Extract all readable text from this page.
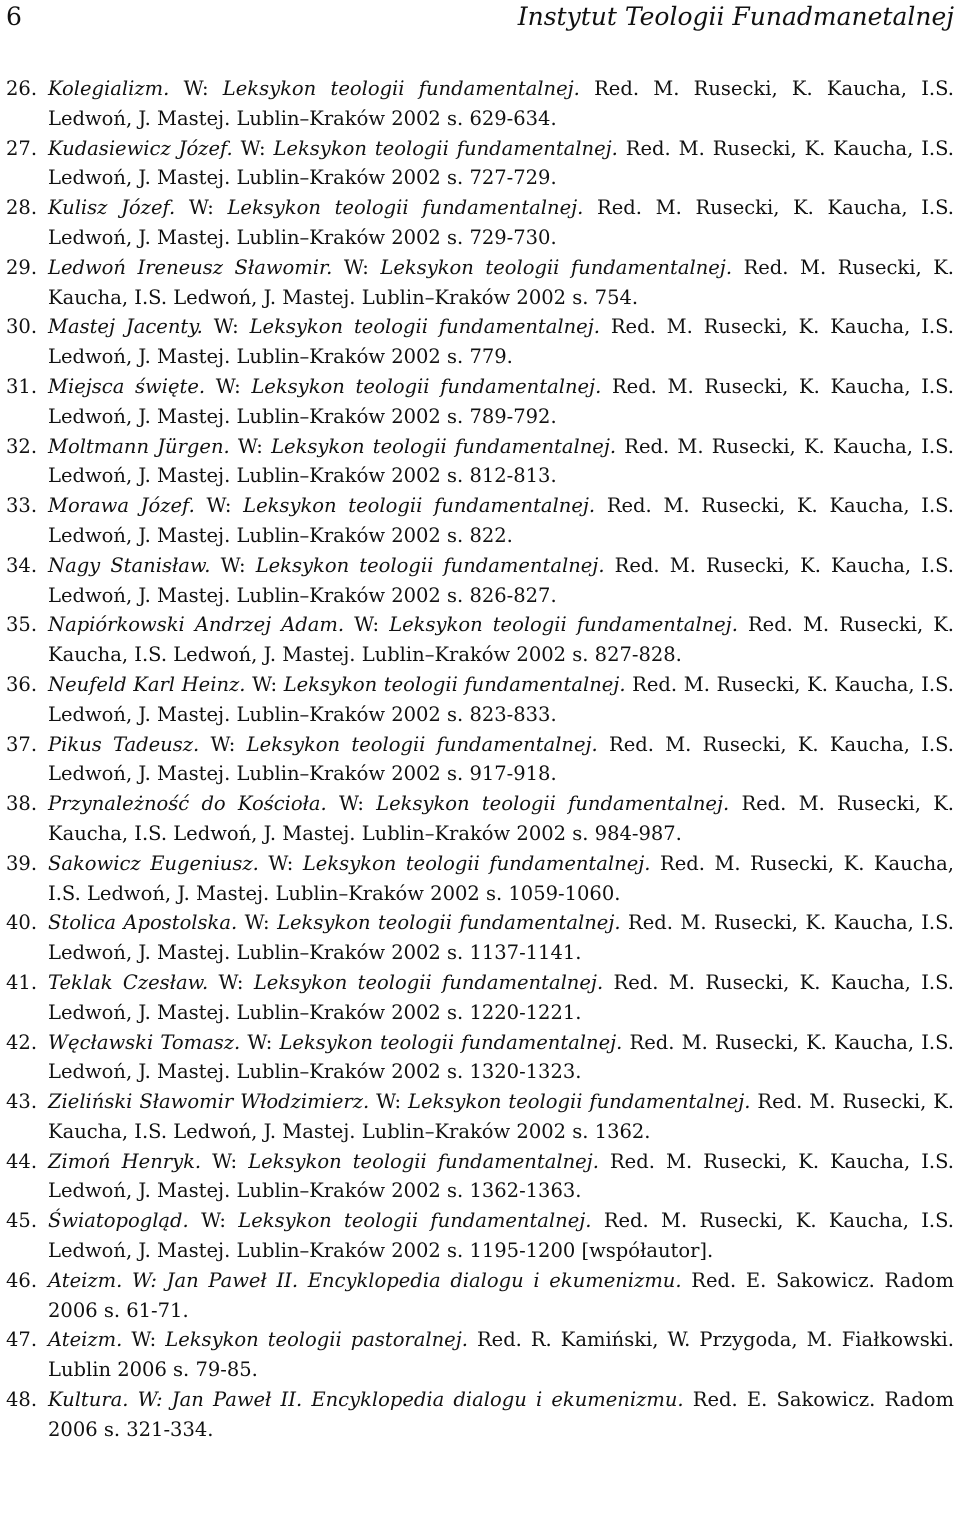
6	Instytut Teologii Funadmanetalnej
26. Kolegializm. W: Leksykon teologii fundamentalnej. Red. M. Rusecki, K. Kaucha, I.S. Ledwoń, J. Mastej. Lublin–Kraków 2002 s. 629-634.
27. Kudasiewicz Józef. W: Leksykon teologii fundamentalnej. Red. M. Rusecki, K. Kaucha, I.S. Ledwoń, J. Mastej. Lublin–Kraków 2002 s. 727-729.
28. Kulisz Józef. W: Leksykon teologii fundamentalnej. Red. M. Rusecki, K. Kaucha, I.S. Ledwoń, J. Mastej. Lublin–Kraków 2002 s. 729-730.
29. Ledwoń Ireneusz Sławomir. W: Leksykon teologii fundamentalnej. Red. M. Rusecki, K. Kaucha, I.S. Ledwoń, J. Mastej. Lublin–Kraków 2002 s. 754.
30. Mastej Jacenty. W: Leksykon teologii fundamentalnej. Red. M. Rusecki, K. Kaucha, I.S. Ledwoń, J. Mastej. Lublin–Kraków 2002 s. 779.
31. Miejsca święte. W: Leksykon teologii fundamentalnej. Red. M. Rusecki, K. Kaucha, I.S. Ledwoń, J. Mastej. Lublin–Kraków 2002 s. 789-792.
32. Moltmann Jürgen. W: Leksykon teologii fundamentalnej. Red. M. Rusecki, K. Kaucha, I.S. Ledwoń, J. Mastej. Lublin–Kraków 2002 s. 812-813.
33. Morawa Józef. W: Leksykon teologii fundamentalnej. Red. M. Rusecki, K. Kaucha, I.S. Ledwoń, J. Mastej. Lublin–Kraków 2002 s. 822.
34. Nagy Stanisław. W: Leksykon teologii fundamentalnej. Red. M. Rusecki, K. Kaucha, I.S. Ledwoń, J. Mastej. Lublin–Kraków 2002 s. 826-827.
35. Napiórkowski Andrzej Adam. W: Leksykon teologii fundamentalnej. Red. M. Rusecki, K. Kaucha, I.S. Ledwoń, J. Mastej. Lublin–Kraków 2002 s. 827-828.
36. Neufeld Karl Heinz. W: Leksykon teologii fundamentalnej. Red. M. Rusecki, K. Kaucha, I.S. Ledwoń, J. Mastej. Lublin–Kraków 2002 s. 823-833.
37. Pikus Tadeusz. W: Leksykon teologii fundamentalnej. Red. M. Rusecki, K. Kaucha, I.S. Ledwoń, J. Mastej. Lublin–Kraków 2002 s. 917-918.
38. Przynależność do Kościoła. W: Leksykon teologii fundamentalnej. Red. M. Rusecki, K. Kaucha, I.S. Ledwoń, J. Mastej. Lublin–Kraków 2002 s. 984-987.
39. Sakowicz Eugeniusz. W: Leksykon teologii fundamentalnej. Red. M. Rusecki, K. Kaucha, I.S. Ledwoń, J. Mastej. Lublin–Kraków 2002 s. 1059-1060.
40. Stolica Apostolska. W: Leksykon teologii fundamentalnej. Red. M. Rusecki, K. Kaucha, I.S. Ledwoń, J. Mastej. Lublin–Kraków 2002 s. 1137-1141.
41. Teklak Czesław. W: Leksykon teologii fundamentalnej. Red. M. Rusecki, K. Kaucha, I.S. Ledwoń, J. Mastej. Lublin–Kraków 2002 s. 1220-1221.
42. Węcławski Tomasz. W: Leksykon teologii fundamentalnej. Red. M. Rusecki, K. Kaucha, I.S. Ledwoń, J. Mastej. Lublin–Kraków 2002 s. 1320-1323.
43. Zieliński Sławomir Włodzimierz. W: Leksykon teologii fundamentalnej. Red. M. Rusecki, K. Kaucha, I.S. Ledwoń, J. Mastej. Lublin–Kraków 2002 s. 1362.
44. Zimoń Henryk. W: Leksykon teologii fundamentalnej. Red. M. Rusecki, K. Kaucha, I.S. Ledwoń, J. Mastej. Lublin–Kraków 2002 s. 1362-1363.
45. Światopogląd. W: Leksykon teologii fundamentalnej. Red. M. Rusecki, K. Kaucha, I.S. Ledwoń, J. Mastej. Lublin–Kraków 2002 s. 1195-1200 [współautor].
46. Ateizm. W: Jan Paweł II. Encyklopedia dialogu i ekumenizmu. Red. E. Sakowicz. Radom 2006 s. 61-71.
47. Ateizm. W: Leksykon teologii pastoralnej. Red. R. Kamiński, W. Przygoda, M. Fiałkowski. Lublin 2006 s. 79-85.
48. Kultura. W: Jan Paweł II. Encyklopedia dialogu i ekumenizmu. Red. E. Sakowicz. Radom 2006 s. 321-334.
